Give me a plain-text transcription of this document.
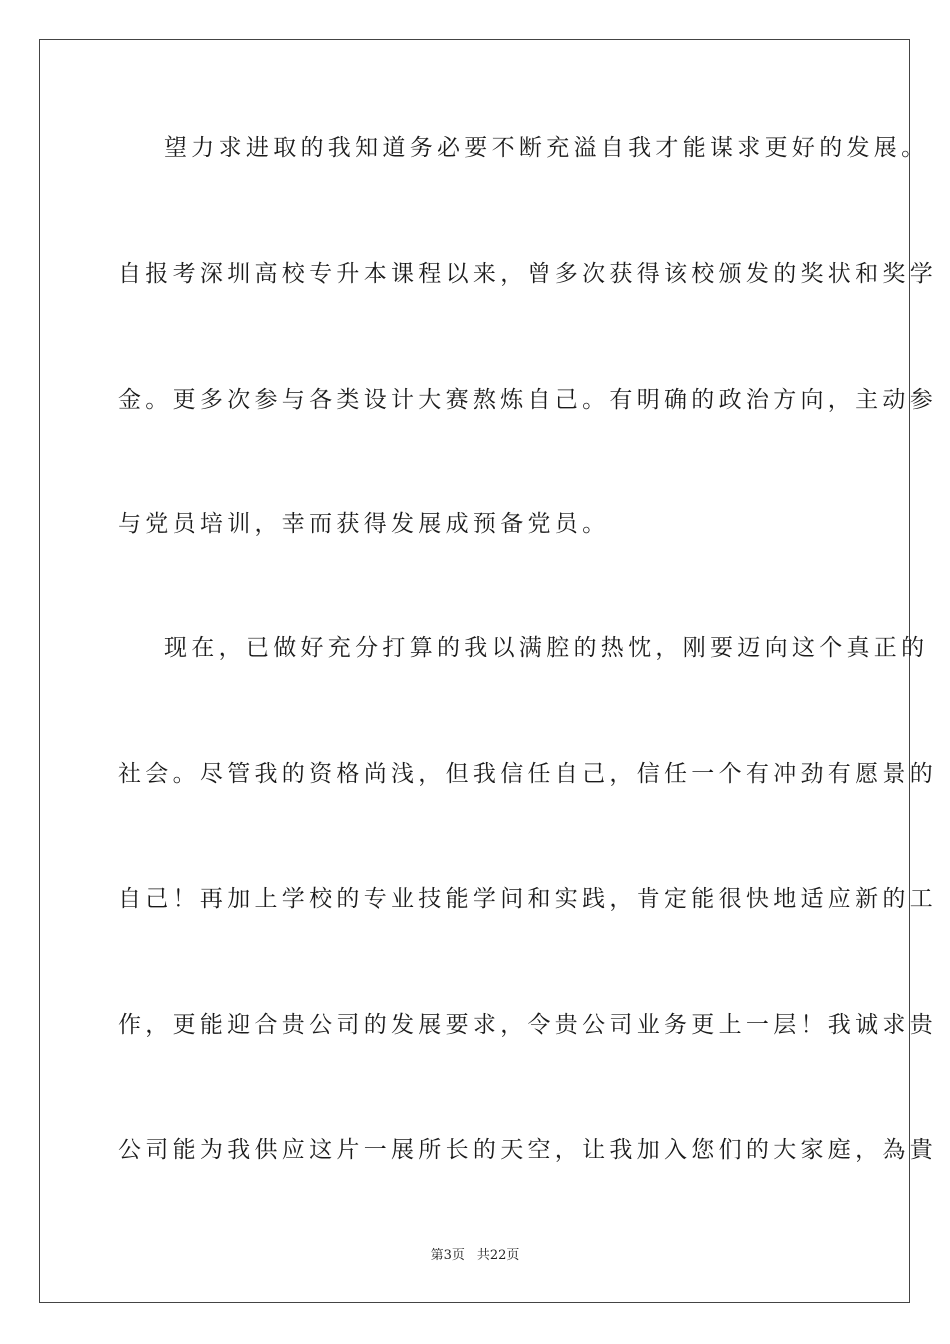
望力求进取的我知道务必要不断充溢自我才能谋求更好的发展。
自报考深圳高校专升本课程以来，曾多次获得该校颁发的奖状和奖学
金。更多次参与各类设计大赛熬炼自己。有明确的政治方向，主动参
与党员培训，幸而获得发展成预备党员。
现在，已做好充分打算的我以满腔的热忱，刚要迈向这个真正的
社会。尽管我的资格尚浅，但我信任自己，信任一个有冲劲有愿景的
自己！再加上学校的专业技能学问和实践，肯定能很快地适应新的工
作，更能迎合贵公司的发展要求，令贵公司业务更上一层！我诚求贵
公司能为我供应这片一展所长的天空，让我加入您们的大家庭，為貴
第3页 共22页
